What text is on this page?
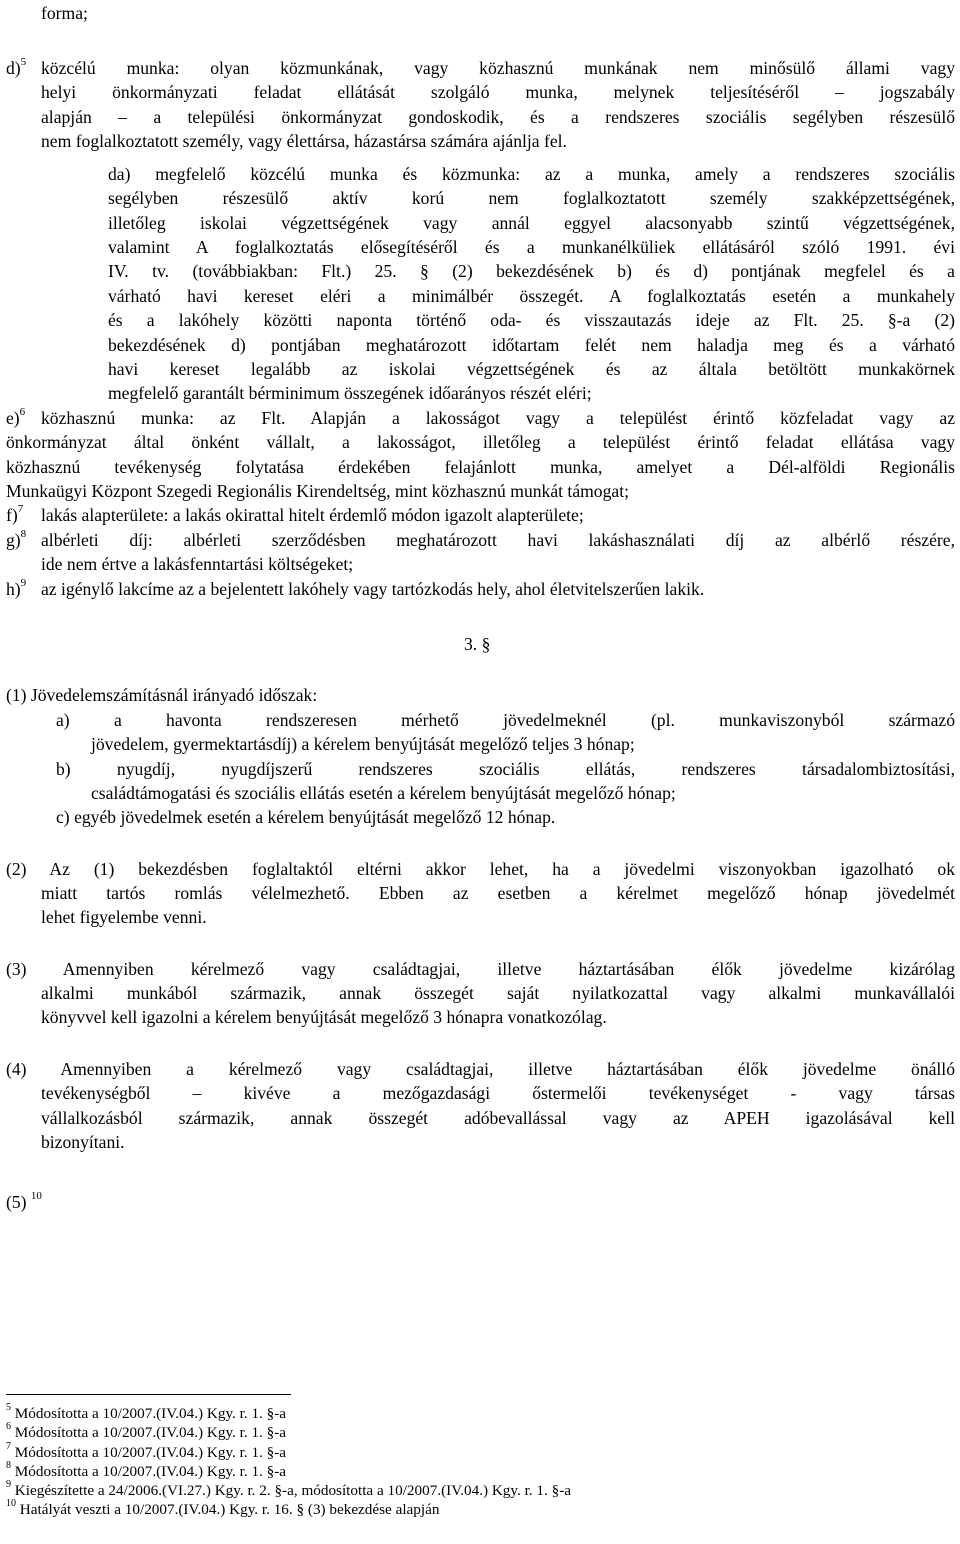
forma;
d)$^5$ közcélú munka: olyan közmunkának, vagy közhasznú munkának nem minősülő állami vagy
helyi önkormányzati feladat ellátását szolgáló munka, melynek teljesítéséről – jogszabály
alapján – a települési önkormányzat gondoskodik, és a rendszeres szociális segélyben részesülő
nem foglalkoztatott személy, vagy élettársa, házastársa számára ajánlja fel.
da) megfelelő közcélú munka és közmunka: az a munka, amely a rendszeres szociális
segélyben részesülő aktív korú nem foglalkoztatott személy szakképzettségének,
illetőleg iskolai végzettségének vagy annál eggyel alacsonyabb szintű végzettségének,
valamint A foglalkoztatás elősegítéséről és a munkanélküliek ellátásáról szóló 1991. évi
IV. tv. (továbbiakban: Flt.) 25. § (2) bekezdésének b) és d) pontjának megfelel és a
várható havi kereset eléri a minimálbér összegét. A foglalkoztatás esetén a munkahely
és a lakóhely közötti naponta történő oda- és visszautazás ideje az Flt. 25. §-a (2)
bekezdésének d) pontjában meghatározott időtartam felét nem haladja meg és a várható
havi kereset legalább az iskolai végzettségének és az általa betöltött munkakörnek
megfelelő garantált bérminimum összegének időarányos részét eléri;
e)$^6$ közhasznú munka: az Flt. Alapján a lakosságot vagy a települést érintő közfeladat vagy az
önkormányzat által önként vállalt, a lakosságot, illetőleg a települést érintő feladat ellátása vagy
közhasznú tevékenység folytatása érdekében felajánlott munka, amelyet a Dél-alföldi Regionális
Munkaügyi Központ Szegedi Regionális Kirendeltség, mint közhasznú munkát támogat;
f)$^7$ lakás alapterülete: a lakás okirattal hitelt érdemlő módon igazolt alapterülete;
g)$^8$ albérleti díj: albérleti szerződésben meghatározott havi lakáshasználati díj az albérlő részére,
ide nem értve a lakásfenntartási költségeket;
h)$^9$ az igénylő lakcíme az a bejelentett lakóhely vagy tartózkodás hely, ahol életvitelszerűen lakik.
3. §
(1) Jövedelemszámításnál irányadó időszak:
a) a havonta rendszeresen mérhető jövedelmeknél (pl. munkaviszonyból származó
jövedelem, gyermektartásdíj) a kérelem benyújtását megelőző teljes 3 hónap;
b) nyugdíj, nyugdíjszerű rendszeres szociális ellátás, rendszeres társadalombiztosítási,
családtámogatási és szociális ellátás esetén a kérelem benyújtását megelőző hónap;
c) egyéb jövedelmek esetén a kérelem benyújtását megelőző 12 hónap.
(2) Az (1) bekezdésben foglaltaktól eltérni akkor lehet, ha a jövedelmi viszonyokban igazolható ok
miatt tartós romlás vélelmezhető. Ebben az esetben a kérelmet megelőző hónap jövedelmét
lehet figyelembe venni.
(3) Amennyiben kérelmező vagy családtagjai, illetve háztartásában élők jövedelme kizárólag
alkalmi munkából származik, annak összegét saját nyilatkozattal vagy alkalmi munkavállalói
könyvvel kell igazolni a kérelem benyújtását megelőző 3 hónapra vonatkozólag.
(4) Amennyiben a kérelmező vagy családtagjai, illetve háztartásában élők jövedelme önálló
tevékenységből – kivéve a mezőgazdasági őstermelői tevékenységet - vagy társas
vállalkozásból származik, annak összegét adóbevallással vagy az APEH igazolásával kell
bizonyítani.
(5) $^{10}$
$^5$ Módosította a 10/2007.(IV.04.) Kgy. r. 1. §-a
$^6$ Módosította a 10/2007.(IV.04.) Kgy. r. 1. §-a
$^7$ Módosította a 10/2007.(IV.04.) Kgy. r. 1. §-a
$^8$ Módosította a 10/2007.(IV.04.) Kgy. r. 1. §-a
$^9$ Kiegészítette a 24/2006.(VI.27.) Kgy. r. 2. §-a, módosította a 10/2007.(IV.04.) Kgy. r. 1. §-a
$^{10}$ Hatályát veszti a 10/2007.(IV.04.) Kgy. r. 16. § (3) bekezdése alapján
